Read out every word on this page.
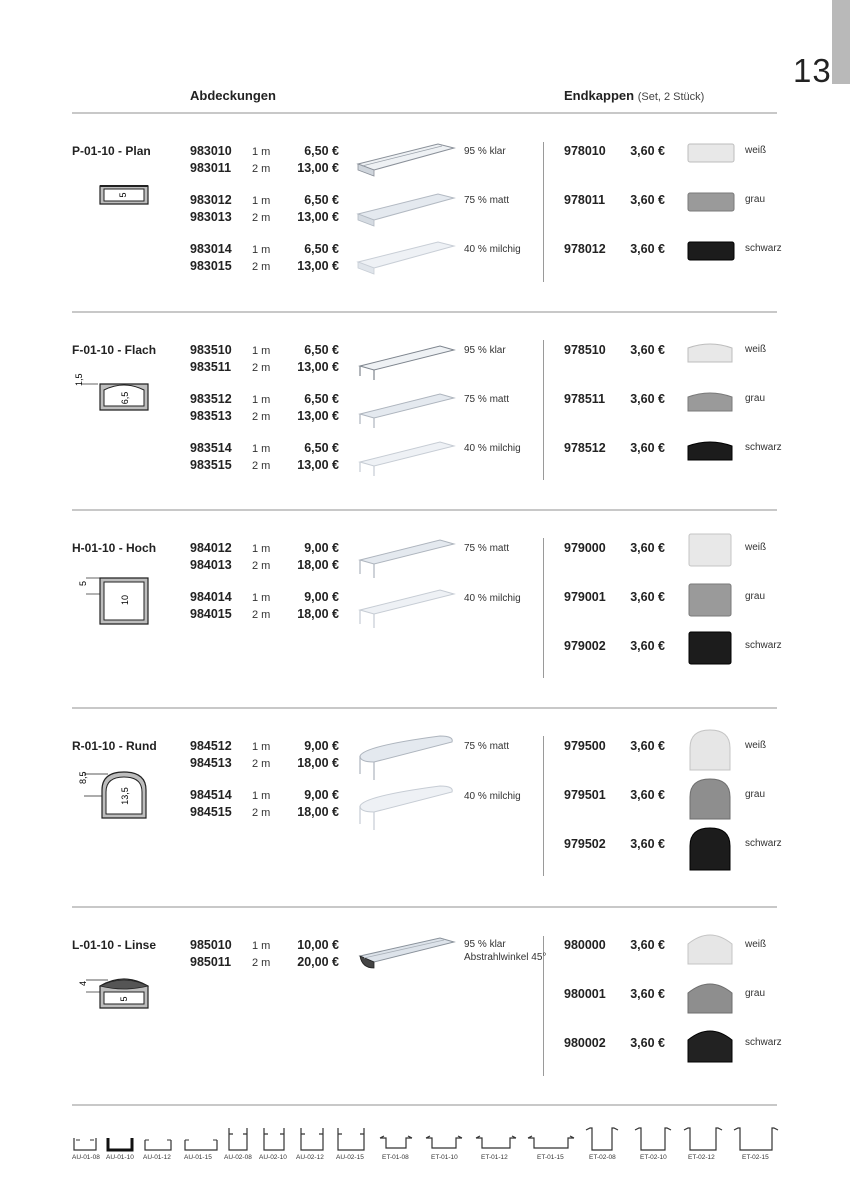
13
Abdeckungen	Endkappen (Set, 2 Stück)
P-01-10 - Plan
5
983010 1 m	6,50 €
983011 2 m	13,00 €
95 % klar
983012 1 m	6,50 €
983013 2 m	13,00 €
75 % matt
983014 1 m	6,50 €
983015 2 m	13,00 €
40 % milchig
978010	3,60 €	weiß
978011	3,60 €	grau
978012	3,60 €	schwarz
F-01-10 - Flach
1,5
6,5
983510 1 m	6,50 €
983511 2 m	13,00 €
95 % klar
983512 1 m	6,50 €
983513 2 m	13,00 €
75 % matt
983514 1 m	6,50 €
983515 2 m	13,00 €
40 % milchig
978510	3,60 €	weiß
978511	3,60 €	grau
978512	3,60 €	schwarz
H-01-10 - Hoch
5
10
984012 1 m	9,00 €
984013 2 m	18,00 €
75 % matt
984014 1 m	9,00 €
984015 2 m	18,00 €
40 % milchig
979000	3,60 €	weiß
979001	3,60 €	grau
979002	3,60 €	schwarz
R-01-10 - Rund
8,5
13,5
984512 1 m	9,00 €
984513 2 m	18,00 €
75 % matt
984514 1 m	9,00 €
984515 2 m	18,00 €
40 % milchig
979500	3,60 €	weiß
979501	3,60 €	grau
979502	3,60 €	schwarz
L-01-10 - Linse
4
5
985010 1 m	10,00 €
985011 2 m	20,00 €
95 % klar
Abstrahlwinkel 45°
980000	3,60 €	weiß
980001	3,60 €	grau
980002	3,60 €	schwarz
AU-01-08 AU-01-10 AU-01-12 AU-01-15 AU-02-08 AU-02-10 AU-02-12 AU-02-15	ET-01-08	ET-01-10	ET-01-12	ET-01-15	ET-02-08	ET-02-10	ET-02-12	ET-02-15
